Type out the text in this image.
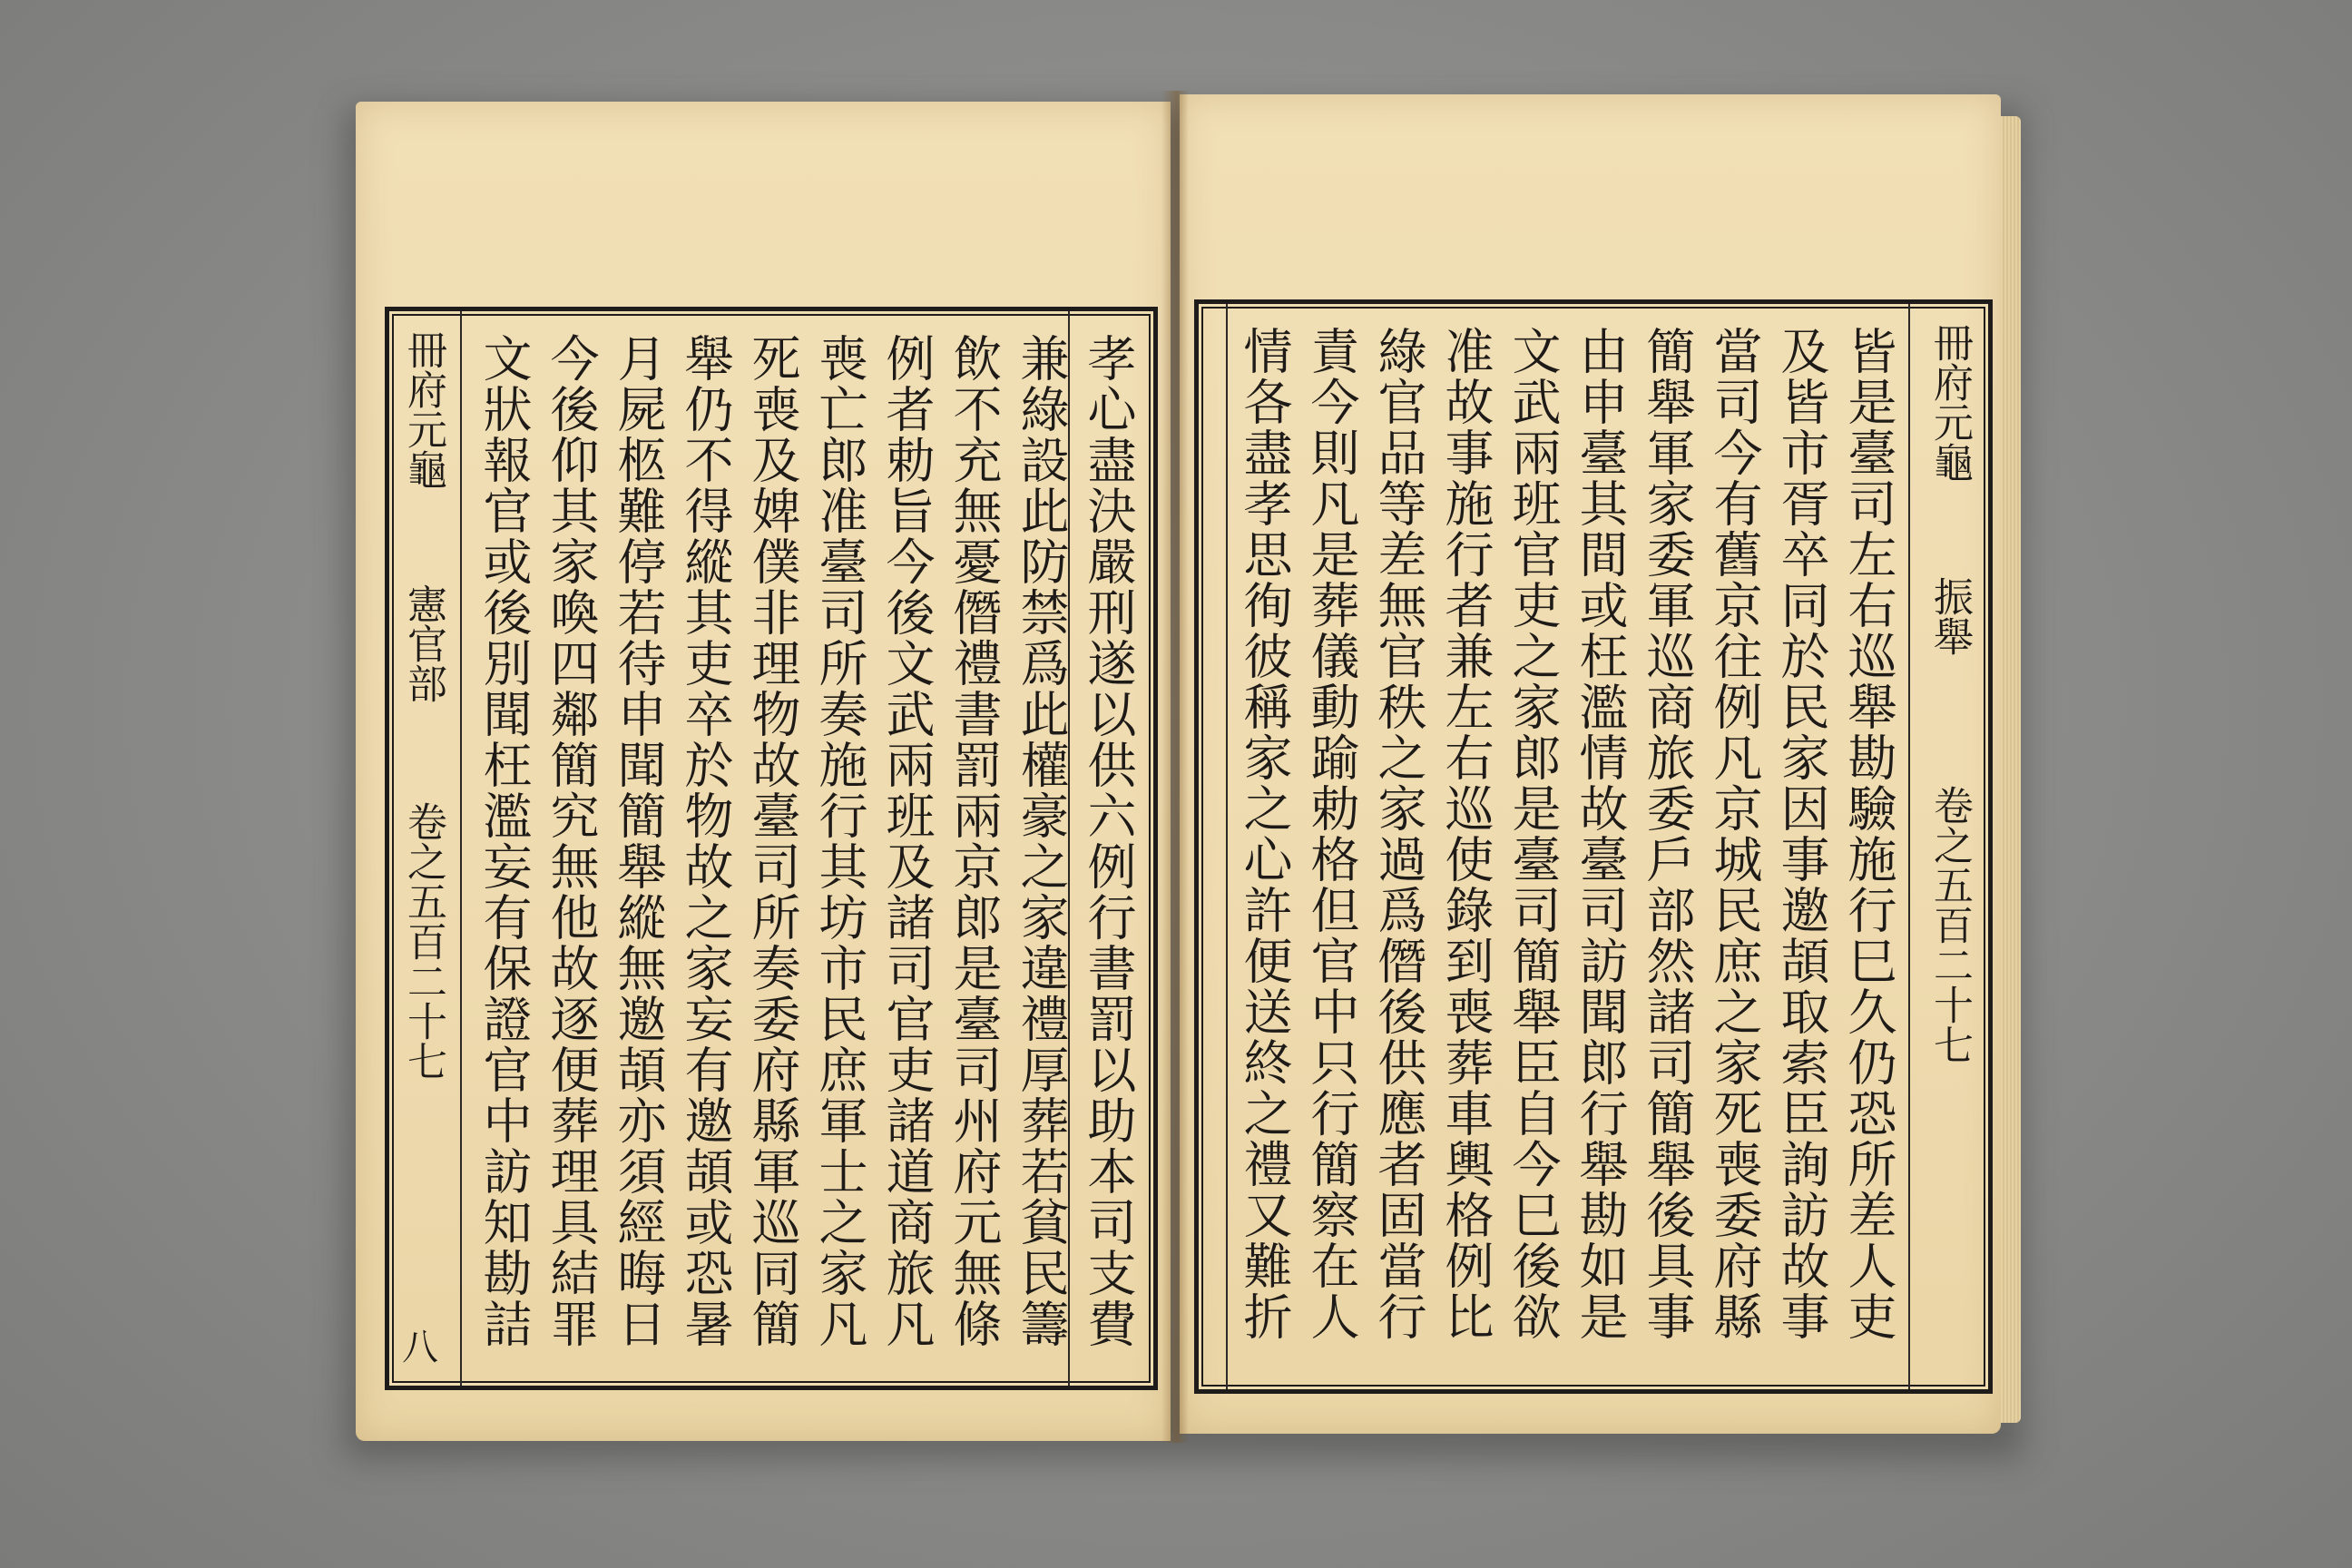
冊府元龜
憲官部
卷之五百二十七
八	孝心盡決嚴刑遂以供六例行書罰以助本司支費
兼綠設此防禁爲此權豪之家違禮厚葬若貧民籌
飲不充無憂僭禮書罰兩京郎是臺司州府元無條
例者勅旨今後文武兩班及諸司官吏諸道商旅凡
喪亡郎准臺司所奏施行其坊市民庶軍士之家凡
死喪及婢僕非理物故臺司所奏委府縣軍巡同簡
舉仍不得縱其吏卒於物故之家妄有邀頡或恐暑
月屍柩難停若待申聞簡舉縱無邀頡亦須經晦日
今後仰其家喚四鄰簡究無他故逐便葬理具結罪
文狀報官或後別聞枉濫妄有保證官中訪知勘詰	冊府元龜
振舉
卷之五百二十七
皆是臺司左右巡舉勘驗施行巳久仍恐所差人吏
及皆市胥卒同於民家因事邀頡取索臣詢訪故事
當司今有舊京往例凡京城民庶之家死喪委府縣
簡舉軍家委軍巡商旅委戶部然諸司簡舉後具事
由申臺其間或枉濫情故臺司訪聞郎行舉勘如是
文武兩班官吏之家郎是臺司簡舉臣自今巳後欲
准故事施行者兼左右巡使錄到喪葬車輿格例比
綠官品等差無官秩之家過爲僭後供應者固當行
責今則凡是葬儀動踰勅格但官中只行簡察在人
情各盡孝思徇彼稱家之心許便送終之禮又難折
